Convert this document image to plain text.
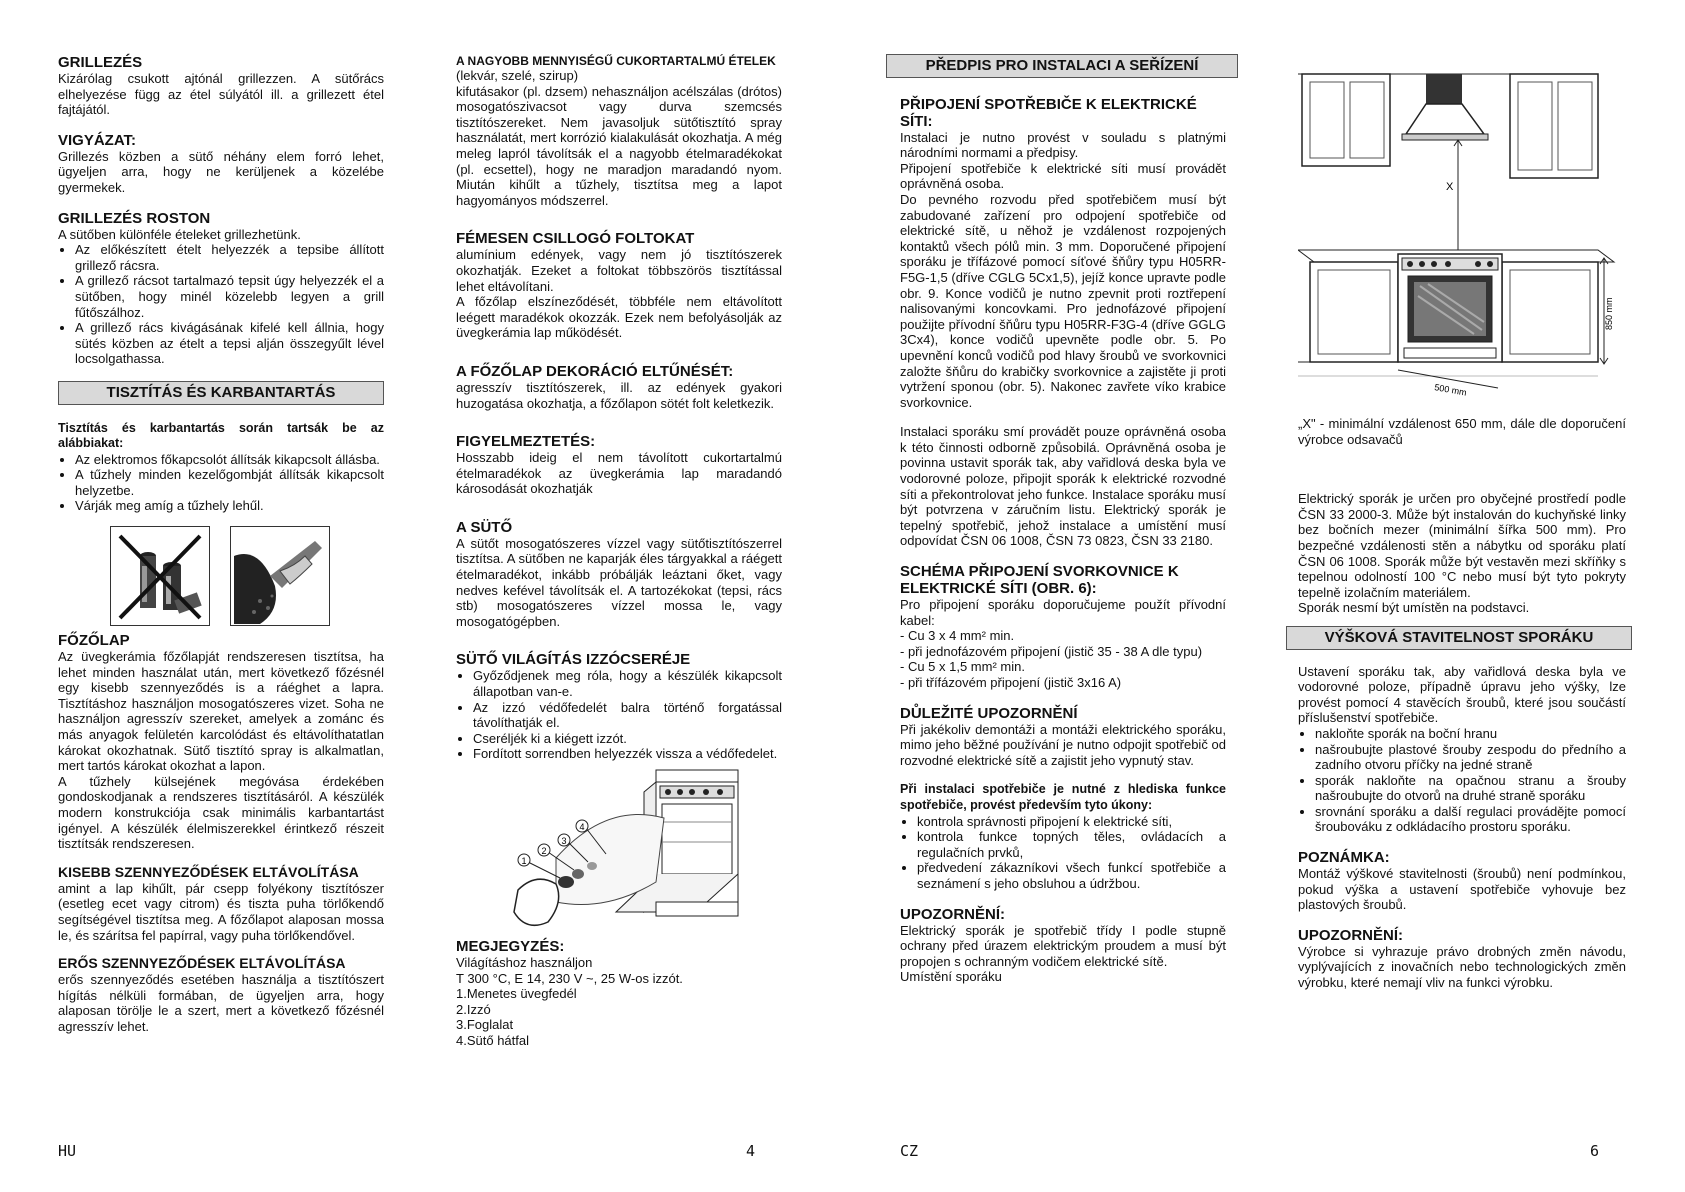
GRILLEZÉS
Kizárólag csukott ajtónál grillezzen. A sütőrács elhelyezése függ az étel súlyától ill. a grillezett étel fajtájától.
VIGYÁZAT:
Grillezés közben a sütő néhány elem forró lehet, ügyeljen arra, hogy ne kerüljenek a közelébe gyermekek.
GRILLEZÉS ROSTON
A sütőben különféle ételeket grillezhetünk.
• Az előkészített ételt helyezzék a tepsibe állított grillező rácsra.
• A grillező rácsot tartalmazó tepsit úgy helyezzék el a sütőben, hogy minél közelebb legyen a grill fűtőszálhoz.
• A grillező rács kivágásának kifelé kell állnia, hogy sütés közben az ételt a tepsi alján összegyűlt lével locsolgathassa.
TISZTÍTÁS ÉS KARBANTARTÁS
Tisztítás és karbantartás során tartsák be az alábbiakat:
• Az elektromos főkapcsolót állítsák kikapcsolt állásba.
• A tűzhely minden kezelőgombját állítsák kikapcsolt helyzetbe.
• Várják meg amíg a tűzhely lehűl.
FŐZŐLAP
Az üvegkerámia főzőlapját rendszeresen tisztítsa, ha lehet minden használat után, mert következő főzésnél egy kisebb szennyeződés is a ráéghet a lapra. Tisztításhoz használjon mosogatószeres vizet. Soha ne használjon agresszív szereket, amelyek a zománc és más anyagok felületén karcolódást és eltávolíthatatlan károkat okozhatnak. Sütő tisztító spray is alkalmatlan, mert tartós károkat okozhat a lapon.
A tűzhely külsejének megóvása érdekében gondoskodjanak a rendszeres tisztításáról. A készülék modern konstrukciója csak minimális karbantartást igényel. A készülék élelmiszerekkel érintkező részeit tisztítsák rendszeresen.
KISEBB SZENNYEZŐDÉSEK ELTÁVOLÍTÁSA
amint a lap kihűlt, pár csepp folyékony tisztítószer (esetleg ecet vagy citrom) és tiszta puha törlőkendő segítségével tisztítsa meg. A főzőlapot alaposan mossa le, és szárítsa fel papírral, vagy puha törlőkendővel.
ERŐS SZENNYEZŐDÉSEK ELTÁVOLÍTÁSA
erős szennyeződés esetében használja a tisztítószert hígítás nélküli formában, de ügyeljen arra, hogy alaposan törölje le a szert, mert a következő főzésnél agresszív lehet.
A NAGYOBB MENNYISÉGŰ CUKORTARTALMÚ ÉTELEK
(lekvár, szelé, szirup)
kifutásakor (pl. dzsem) nehasználjon acélszálas (drótos) mosogatószivacsot vagy durva szemcsés tisztítószereket. Nem javasoljuk sütőtisztító spray használatát, mert korrózió kialakulását okozhatja. A még meleg lapról távolítsák el a nagyobb ételmaradékokat (pl. ecsettel), hogy ne maradjon maradandó nyom. Miután kihűlt a tűzhely, tisztítsa meg a lapot hagyományos módszerrel.
FÉMESEN CSILLOGÓ FOLTOKAT
alumínium edények, vagy nem jó tisztítószerek okozhatják. Ezeket a foltokat többszörös tisztítással lehet eltávolítani.
A főzőlap elszíneződését, többféle nem eltávolított leégett maradékok okozzák. Ezek nem befolyásolják az üvegkerámia lap működését.
A FŐZŐLAP DEKORÁCIÓ ELTŰNÉSÉT:
agresszív tisztítószerek, ill. az edények gyakori huzogatása okozhatja, a főzőlapon sötét folt keletkezik.
FIGYELMEZTETÉS:
Hosszabb ideig el nem távolított cukortartalmú ételmaradékok az üvegkerámia lap maradandó károsodását okozhatják
A SÜTŐ
A sütőt mosogatószeres vízzel vagy sütőtisztítószerrel tisztítsa. A sütőben ne kaparják éles tárgyakkal a ráégett ételmaradékot, inkább próbálják leáztani őket, vagy nedves kefével távolítsák el. A tartozékokat (tepsi, rács stb) mosogatószeres vízzel mossa le, vagy mosogatógépben.
SÜTŐ VILÁGÍTÁS IZZÓCSERÉJE
• Győződjenek meg róla, hogy a készülék kikapcsolt állapotban van-e.
• Az izzó védőfedelét balra történő forgatással távolíthatják el.
• Cseréljék ki a kiégett izzót.
• Fordított sorrendben helyezzék vissza a védőfedelet.
1
2
3
4
MEGJEGYZÉS:
Világításhoz használjon
T 300 °C, E 14, 230 V ~, 25 W-os izzót.
1.Menetes üvegfedél
2.Izzó
3.Foglalat
4.Sütő hátfal
PŘEDPIS PRO INSTALACI A SEŘÍZENÍ
PŘIPOJENÍ SPOTŘEBIČE K ELEKTRICKÉ SÍTI:
Instalaci je nutno provést v souladu s platnými národními normami a předpisy.
Připojení spotřebiče k elektrické síti musí provádět oprávněná osoba.
Do pevného rozvodu před spotřebičem musí být zabudované zařízení pro odpojení spotřebiče od elektrické sítě, u něhož je vzdálenost rozpojených kontaktů všech pólů min. 3 mm. Doporučené připojení sporáku je třífázové pomocí síťové šňůry typu H05RR-F5G-1,5 (dříve CGLG 5Cx1,5), jejíž konce upravte podle obr. 9. Konce vodičů je nutno zpevnit proti roztřepení nalisovanými koncovkami. Pro jednofázové připojení použijte přívodní šňůru typu H05RR-F3G-4 (dříve GGLG 3Cx4), konce vodičů upevněte podle obr. 5. Po upevnění konců vodičů pod hlavy šroubů ve svorkovnici založte šňůru do krabičky svorkovnice a zajistěte ji proti vytržení sponou (obr. 5). Nakonec zavřete víko krabice svorkovnice.
Instalaci sporáku smí provádět pouze oprávněná osoba k této činnosti odborně způsobilá. Oprávněná osoba je povinna ustavit sporák tak, aby vařidlová deska byla ve vodorovné poloze, připojit sporák k elektrické rozvodné síti a překontrolovat jeho funkce. Instalace sporáku musí být potvrzena v záručním listu. Elektrický sporák je tepelný spotřebič, jehož instalace a umístění musí odpovídat ČSN 06 1008, ČSN 73 0823, ČSN 33 2180.
SCHÉMA PŘIPOJENÍ SVORKOVNICE K ELEKTRICKÉ SÍTI (OBR. 6):
Pro připojení sporáku doporučujeme použít přívodní kabel:
- Cu 3 x 4 mm² min.
- při jednofázovém připojení (jistič 35 - 38 A dle typu)
- Cu 5 x 1,5 mm² min.
- při třífázovém připojení (jistič 3x16 A)
DŮLEŽITÉ UPOZORNĚNÍ
Při jakékoliv demontáži a montáži elektrického sporáku, mimo jeho běžné používání je nutno odpojit spotřebič od rozvodné elektrické sítě a zajistit jeho vypnutý stav.
Při instalaci spotřebiče je nutné z hlediska funkce spotřebiče, provést především tyto úkony:
• kontrola správnosti připojení k elektrické síti,
• kontrola funkce topných těles, ovládacích a regulačních prvků,
• předvedení zákazníkovi všech funkcí spotřebiče a seznámení s jeho obsluhou a údržbou.
UPOZORNĚNÍ:
Elektrický sporák je spotřebič třídy I podle stupně ochrany před úrazem elektrickým proudem a musí být propojen s ochranným vodičem elektrické sítě.
Umístění sporáku
X
500 mm
850 mm
„X" - minimální vzdálenost 650 mm, dále dle doporučení výrobce odsavačů
Elektrický sporák je určen pro obyčejné prostředí podle ČSN 33 2000-3. Může být instalován do kuchyňské linky bez bočních mezer (minimální šířka 500 mm). Pro bezpečné vzdálenosti stěn a nábytku od sporáku platí ČSN 06 1008. Sporák může být vestavěn mezi skříňky s tepelnou odolností 100 °C nebo musí být tyto pokryty tepelně izolačním materiálem.
Sporák nesmí být umístěn na podstavci.
VÝŠKOVÁ STAVITELNOST SPORÁKU
Ustavení sporáku tak, aby vařidlová deska byla ve vodorovné poloze, případně úpravu jeho výšky, lze provést pomocí 4 stavěcích šroubů, které jsou součástí příslušenství spotřebiče.
• nakloňte sporák na boční hranu
• našroubujte plastové šrouby zespodu do předního a zadního otvoru příčky na jedné straně
• sporák nakloňte na opačnou stranu a šrouby našroubujte do otvorů na druhé straně sporáku
• srovnání sporáku a další regulaci provádějte pomocí šroubováku z odkládacího prostoru sporáku.
POZNÁMKA:
Montáž výškové stavitelnosti (šroubů) není podmínkou, pokud výška a ustavení spotřebiče vyhovuje bez plastových šroubů.
UPOZORNĚNÍ:
Výrobce si vyhrazuje právo drobných změn návodu, vyplývajících z inovačních nebo technologických změn výrobku, které nemají vliv na funkci výrobku.
HU	4	CZ	6
